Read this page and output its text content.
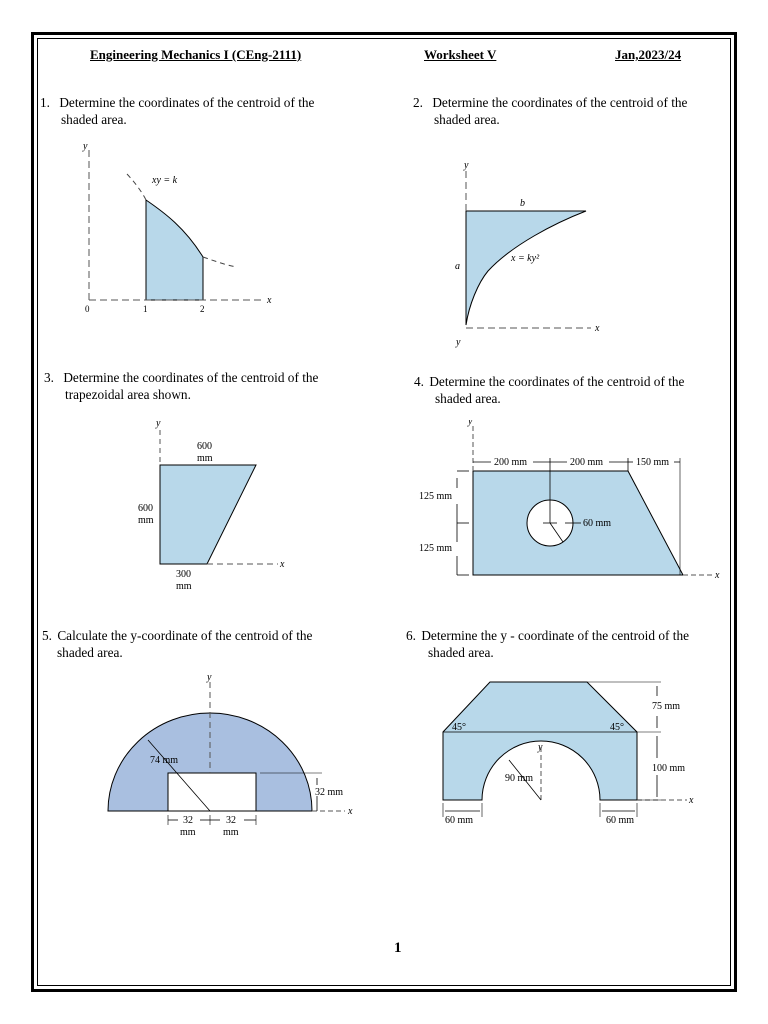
Engineering Mechanics I (CEng-2111)	Worksheet V	Jan,2023/24
1. Determine the coordinates of the centroid of the
shaded area.
2. Determine the coordinates of the centroid of the
shaded area.
3. Determine the coordinates of the centroid of the
trapezoidal area shown.
4. Determine the coordinates of the centroid of the
shaded area.
5. Calculate the y-coordinate of the centroid of the
shaded area.
6. Determine the y - coordinate of the centroid of the
shaded area.
y
x
xy = k
0	1	2
y
x
y
b
a
x = ky²
y
x
600
mm
600
mm
300
mm
y
x
200 mm	200 mm	150 mm
125 mm
125 mm
60 mm
y
x
74 mm
32 mm
32
mm
32
mm
y
x
45°	45°
75 mm
100 mm
90 mm
60 mm	60 mm
1
